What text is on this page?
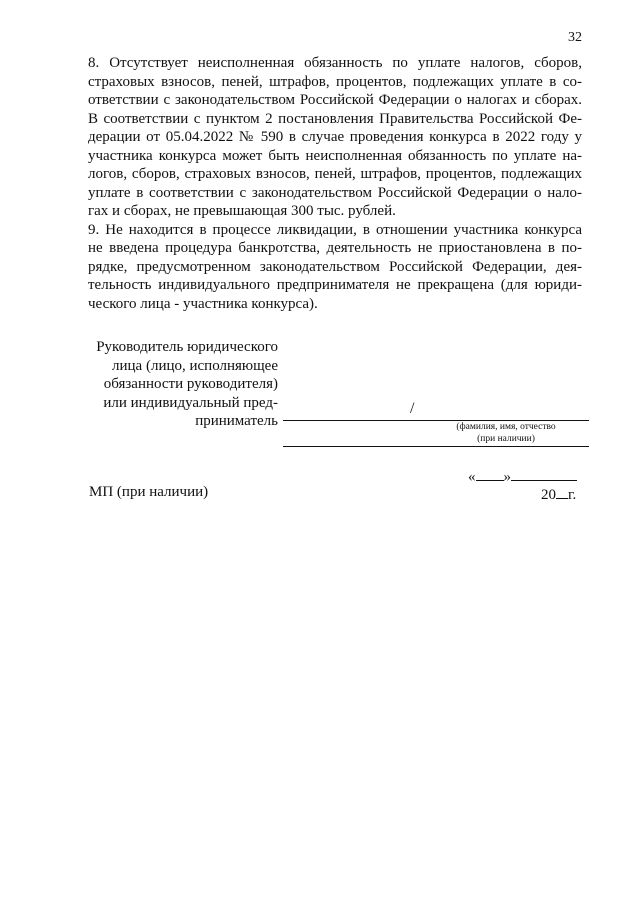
32
8. Отсутствует неисполненная обязанность по уплате налогов, сборов,
страховых взносов, пеней, штрафов, процентов, подлежащих уплате в со-
ответствии с законодательством Российской Федерации о налогах и сборах.
В соответствии с пунктом 2 постановления Правительства Российской Фе-
дерации от 05.04.2022 № 590 в случае проведения конкурса в 2022 году у
участника конкурса может быть неисполненная обязанность по уплате на-
логов, сборов, страховых взносов, пеней, штрафов, процентов, подлежащих
уплате в соответствии с законодательством Российской Федерации о нало-
гах и сборах, не превышающая 300 тыс. рублей.
9. Не находится в процессе ликвидации, в отношении участника конкурса
не введена процедура банкротства, деятельность не приостановлена в по-
рядке, предусмотренном законодательством Российской Федерации, дея-
тельность индивидуального предпринимателя не прекращена (для юриди-
ческого лица - участника конкурса).
Руководитель юридического
лица (лицо, исполняющее
обязанности руководителя)
или индивидуальный пред-
приниматель
/
(фамилия, имя, отчество
(при наличии)
« »
МП (при наличии)	20 г.
